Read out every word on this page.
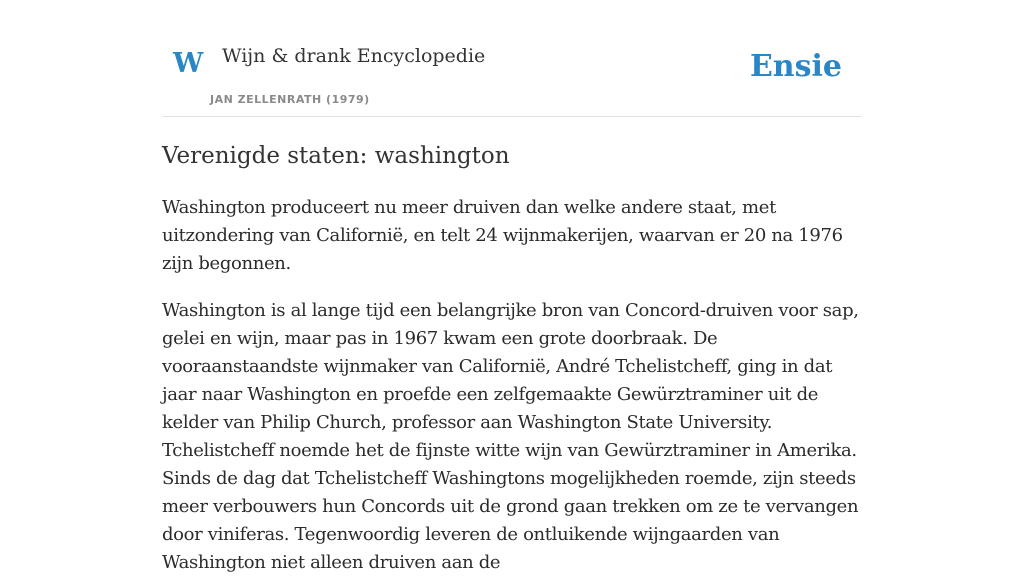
W Wijn & drank Encyclopedie
JAN ZELLENRATH (1979)
Ensie
Verenigde staten: washington

Washington produceert nu meer druiven dan welke andere staat, met uitzondering van Californië, en telt 24 wijnmakerijen, waarvan er 20 na 1976 zijn begonnen.

Washington is al lange tijd een belangrijke bron van Concord-druiven voor sap, gelei en wijn, maar pas in 1967 kwam een grote doorbraak. De vooraanstaandste wijnmaker van Californië, André Tchelistcheff, ging in dat jaar naar Washington en proefde een zelfgemaakte Gewürztraminer uit de kelder van Philip Church, professor aan Washington State University. Tchelistcheff noemde het de fijnste witte wijn van Gewürztraminer in Amerika. Sinds de dag dat Tchelistcheff Washingtons mogelijkheden roemde, zijn steeds meer verbouwers hun Concords uit de grond gaan trekken om ze te vervangen door viniferas. Tegenwoordig leveren de ontluikende wijngaarden van Washington niet alleen druiven aan de
